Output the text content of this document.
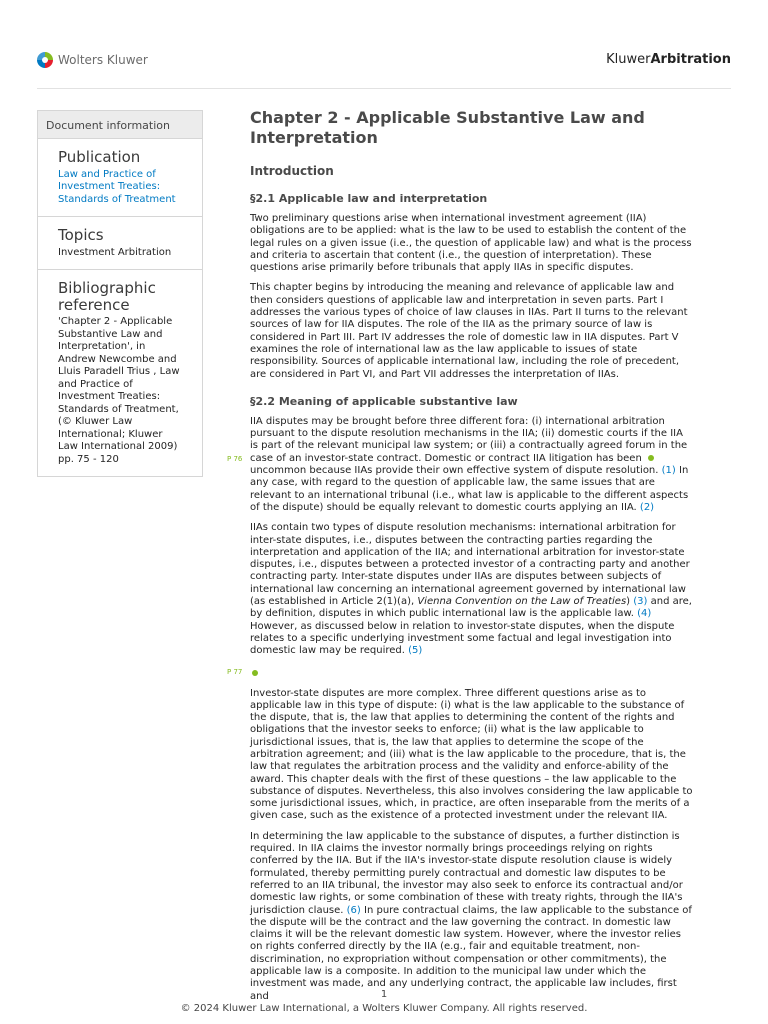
Wolters Kluwer	KluwerArbitration
Document information
Publication
Law and Practice of Investment Treaties: Standards of Treatment
Topics
Investment Arbitration
Bibliographic reference
'Chapter 2 - Applicable Substantive Law and Interpretation', in Andrew Newcombe and Lluis Paradell Trius , Law and Practice of Investment Treaties: Standards of Treatment, (© Kluwer Law International; Kluwer Law International 2009) pp. 75 - 120
Chapter 2 - Applicable Substantive Law and Interpretation
Introduction
§2.1 Applicable law and interpretation

Two preliminary questions arise when international investment agreement (IIA) obligations are to be applied: what is the law to be used to establish the content of the legal rules on a given issue (i.e., the question of applicable law) and what is the process and criteria to ascertain that content (i.e., the question of interpretation). These questions arise primarily before tribunals that apply IIAs in specific disputes.

This chapter begins by introducing the meaning and relevance of applicable law and then considers questions of applicable law and interpretation in seven parts. Part I addresses the various types of choice of law clauses in IIAs. Part II turns to the relevant sources of law for IIA disputes. The role of the IIA as the primary source of law is considered in Part III. Part IV addresses the role of domestic law in IIA disputes. Part V examines the role of international law as the law applicable to issues of state responsibility. Sources of applicable international law, including the role of precedent, are considered in Part VI, and Part VII addresses the interpretation of IIAs.

§2.2 Meaning of applicable substantive law

P 76
IIA disputes may be brought before three different fora: (i) international arbitration pursuant to the dispute resolution mechanisms in the IIA; (ii) domestic courts if the IIA is part of the relevant municipal law system; or (iii) a contractually agreed forum in the case of an investor-state contract. Domestic or contract IIA litigation has been  uncommon because IIAs provide their own effective system of dispute resolution. (1) In any case, with regard to the question of applicable law, the same issues that are relevant to an international tribunal (i.e., what law is applicable to the different aspects of the dispute) should be equally relevant to domestic courts applying an IIA. (2)

IIAs contain two types of dispute resolution mechanisms: international arbitration for inter-state disputes, i.e., disputes between the contracting parties regarding the interpretation and application of the IIA; and international arbitration for investor-state disputes, i.e., disputes between a protected investor of a contracting party and another contracting party. Inter-state disputes under IIAs are disputes between subjects of international law concerning an international agreement governed by international law (as established in Article 2(1)(a), Vienna Convention on the Law of Treaties) (3) and are, by definition, disputes in which public international law is the applicable law. (4) However, as discussed below in relation to investor-state disputes, when the dispute relates to a specific underlying investment some factual and legal investigation into domestic law may be required. (5)

P 77

Investor-state disputes are more complex. Three different questions arise as to applicable law in this type of dispute: (i) what is the law applicable to the substance of the dispute, that is, the law that applies to determining the content of the rights and obligations that the investor seeks to enforce; (ii) what is the law applicable to jurisdictional issues, that is, the law that applies to determine the scope of the arbitration agreement; and (iii) what is the law applicable to the procedure, that is, the law that regulates the arbitration process and the validity and enforce-ability of the award. This chapter deals with the first of these questions – the law applicable to the substance of disputes. Nevertheless, this also involves considering the law applicable to some jurisdictional issues, which, in practice, are often inseparable from the merits of a given case, such as the existence of a protected investment under the relevant IIA.

In determining the law applicable to the substance of disputes, a further distinction is required. In IIA claims the investor normally brings proceedings relying on rights conferred by the IIA. But if the IIA's investor-state dispute resolution clause is widely formulated, thereby permitting purely contractual and domestic law disputes to be referred to an IIA tribunal, the investor may also seek to enforce its contractual and/or domestic law rights, or some combination of these with treaty rights, through the IIA's jurisdiction clause. (6) In pure contractual claims, the law applicable to the substance of the dispute will be the contract and the law governing the contract. In domestic law claims it will be the relevant domestic law system. However, where the investor relies on rights conferred directly by the IIA (e.g., fair and equitable treatment, non-discrimination, no expropriation without compensation or other commitments), the applicable law is a composite. In addition to the municipal law under which the investment was made, and any underlying contract, the applicable law includes, first and	1
© 2024 Kluwer Law International, a Wolters Kluwer Company. All rights reserved.
